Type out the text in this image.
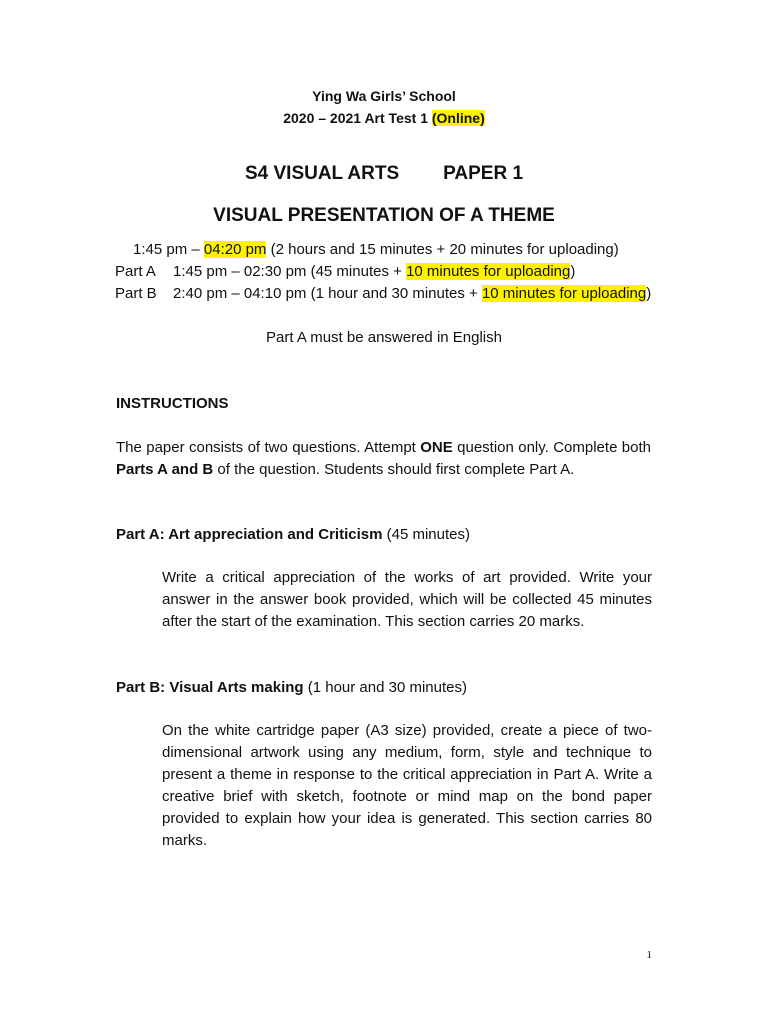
Ying Wa Girls’ School
2020 – 2021 Art Test 1 (Online)
S4 VISUAL ARTS PAPER 1
VISUAL PRESENTATION OF A THEME
1:45 pm – 04:20 pm (2 hours and 15 minutes + 20 minutes for uploading)
Part A 1:45 pm – 02:30 pm (45 minutes + 10 minutes for uploading)
Part B 2:40 pm – 04:10 pm (1 hour and 30 minutes + 10 minutes for uploading)
Part A must be answered in English
INSTRUCTIONS
The paper consists of two questions. Attempt ONE question only. Complete both Parts A and B of the question. Students should first complete Part A.
Part A: Art appreciation and Criticism (45 minutes)
Write a critical appreciation of the works of art provided. Write your answer in the answer book provided, which will be collected 45 minutes after the start of the examination. This section carries 20 marks.
Part B: Visual Arts making (1 hour and 30 minutes)
On the white cartridge paper (A3 size) provided, create a piece of two-dimensional artwork using any medium, form, style and technique to present a theme in response to the critical appreciation in Part A. Write a creative brief with sketch, footnote or mind map on the bond paper provided to explain how your idea is generated. This section carries 80 marks.
1
